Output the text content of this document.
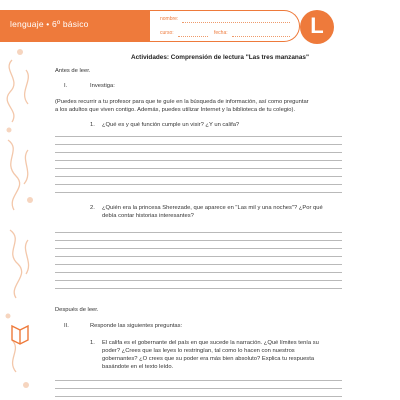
lenguaje • 6º básico	nombre:
curso:	fecha:	L
Actividades: Comprensión de lectura "Las tres manzanas"
Antes de leer.
I.	Investiga:
(Puedes recurrir a tu profesor para que te guíe en la búsqueda de información, así como preguntar
a los adultos que viven contigo. Además, puedes utilizar Internet y la biblioteca de tu colegio).
1. ¿Qué es y qué función cumple un visir? ¿Y un califa?
2. ¿Quién era la princesa Sherezade, que aparece en "Las mil y una noches"? ¿Por qué
debía contar historias interesantes?
Después de leer.
II.	Responde las siguientes preguntas:
1. El califa es el gobernante del país en que sucede la narración. ¿Qué límites tenía su
poder? ¿Crees que las leyes lo restringían, tal como lo hacen con nuestros
gobernantes? ¿O crees que su poder era más bien absoluto? Explica tu respuesta
basándote en el texto leído.
